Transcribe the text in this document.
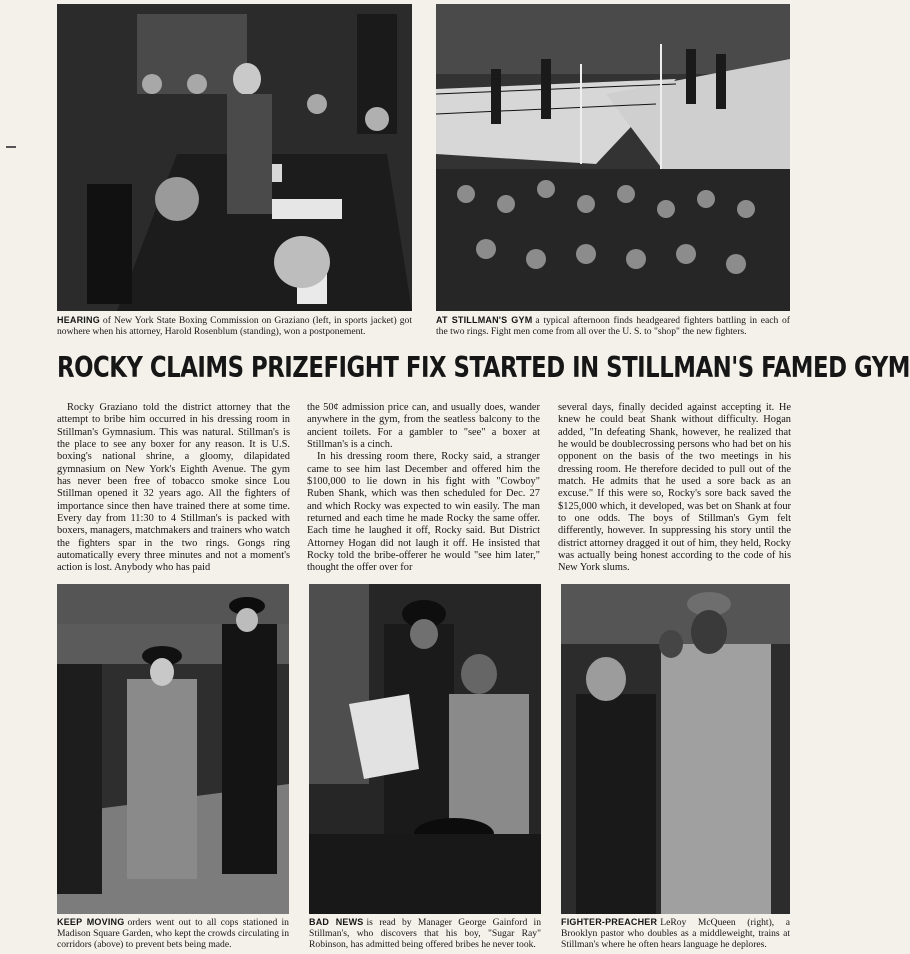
HEARING of New York State Boxing Commission on Graziano (left, in sports jacket) got nowhere when his attorney, Harold Rosenblum (standing), won a postponement.
AT STILLMAN'S GYM a typical afternoon finds headgeared fighters battling in each of the two rings. Fight men come from all over the U. S. to "shop" the new fighters.
ROCKY CLAIMS PRIZEFIGHT FIX STARTED IN STILLMAN'S FAMED GYM

Rocky Graziano told the district attorney that the attempt to bribe him occurred in his dressing room in Stillman's Gymnasium. This was natural. Stillman's is the place to see any boxer for any reason. It is U.S. boxing's national shrine, a gloomy, dilapidated gymnasium on New York's Eighth Avenue. The gym has never been free of tobacco smoke since Lou Stillman opened it 32 years ago. All the fighters of importance since then have trained there at some time. Every day from 11:30 to 4 Stillman's is packed with boxers, managers, matchmakers and trainers who watch the fighters spar in the two rings. Gongs ring automatically every three minutes and not a moment's action is lost. Anybody who has paid

the 50¢ admission price can, and usually does, wander anywhere in the gym, from the seatless balcony to the ancient toilets. For a gambler to "see" a boxer at Stillman's is a cinch.

In his dressing room there, Rocky said, a stranger came to see him last December and offered him the $100,000 to lie down in his fight with "Cowboy" Ruben Shank, which was then scheduled for Dec. 27 and which Rocky was expected to win easily. The man returned and each time he made Rocky the same offer. Each time he laughed it off, Rocky said. But District Attorney Hogan did not laugh it off. He insisted that Rocky told the bribe-offerer he would "see him later," thought the offer over for

several days, finally decided against accepting it. He knew he could beat Shank without difficulty. Hogan added, "In defeating Shank, however, he realized that he would be doublecrossing persons who had bet on his opponent on the basis of the two meetings in his dressing room. He therefore decided to pull out of the match. He admits that he used a sore back as an excuse." If this were so, Rocky's sore back saved the $125,000 which, it developed, was bet on Shank at four to one odds. The boys of Stillman's Gym felt differently, however. In suppressing his story until the district attorney dragged it out of him, they held, Rocky was actually being honest according to the code of his New York slums.

KEEP MOVING orders went out to all cops stationed in Madison Square Garden, who kept the crowds circulating in corridors (above) to prevent bets being made.
BAD NEWS is read by Manager George Gainford in Stillman's, who discovers that his boy, "Sugar Ray" Robinson, has admitted being offered bribes he never took.
FIGHTER-PREACHER LeRoy McQueen (right), a Brooklyn pastor who doubles as a middleweight, trains at Stillman's where he often hears language he deplores.
